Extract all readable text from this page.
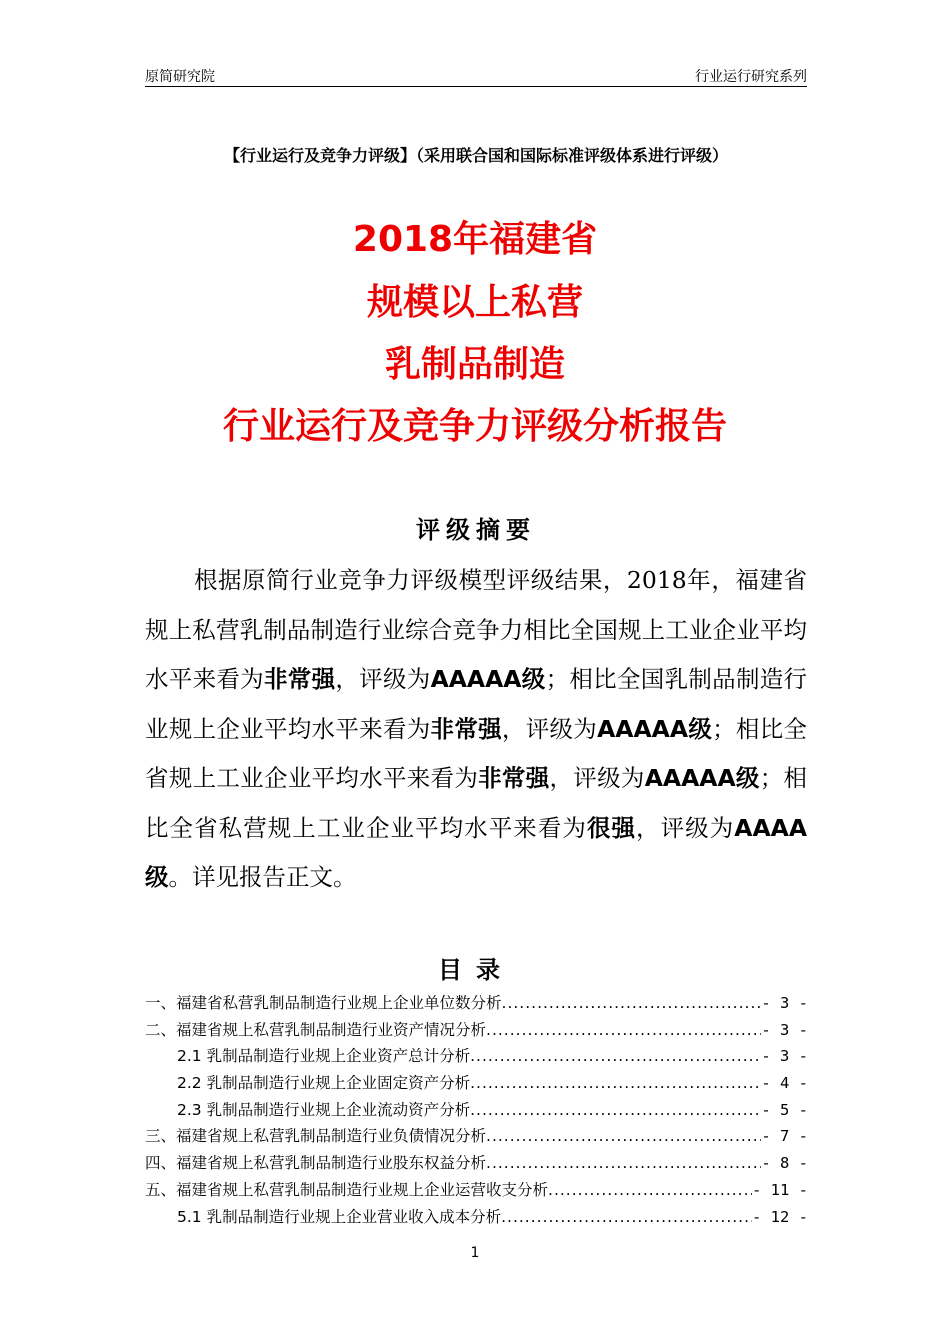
原简研究院	行业运行研究系列
【行业运行及竞争力评级】（采用联合国和国际标准评级体系进行评级）
2018年福建省
规模以上私营
乳制品制造
行业运行及竞争力评级分析报告
评级摘要
根据原简行业竞争力评级模型评级结果，2018年，福建省规上私营乳制品制造行业综合竞争力相比全国规上工业企业平均水平来看为非常强，评级为AAAAA级；相比全国乳制品制造行业规上企业平均水平来看为非常强，评级为AAAAA级；相比全省规上工业企业平均水平来看为非常强，评级为AAAAA级；相比全省私营规上工业企业平均水平来看为很强，评级为AAAA级。详见报告正文。
目录
一、福建省私营乳制品制造行业规上企业单位数分析 .....	- 3 -
二、福建省规上私营乳制品制造行业资产情况分析 .....	- 3 -
2.1 乳制品制造行业规上企业资产总计分析 .....	- 3 -
2.2 乳制品制造行业规上企业固定资产分析 .....	- 4 -
2.3 乳制品制造行业规上企业流动资产分析 .....	- 5 -
三、福建省规上私营乳制品制造行业负债情况分析 .....	- 7 -
四、福建省规上私营乳制品制造行业股东权益分析 .....	- 8 -
五、福建省规上私营乳制品制造行业规上企业运营收支分析 .....	- 11 -
5.1 乳制品制造行业规上企业营业收入成本分析 .....	- 12 -
1
